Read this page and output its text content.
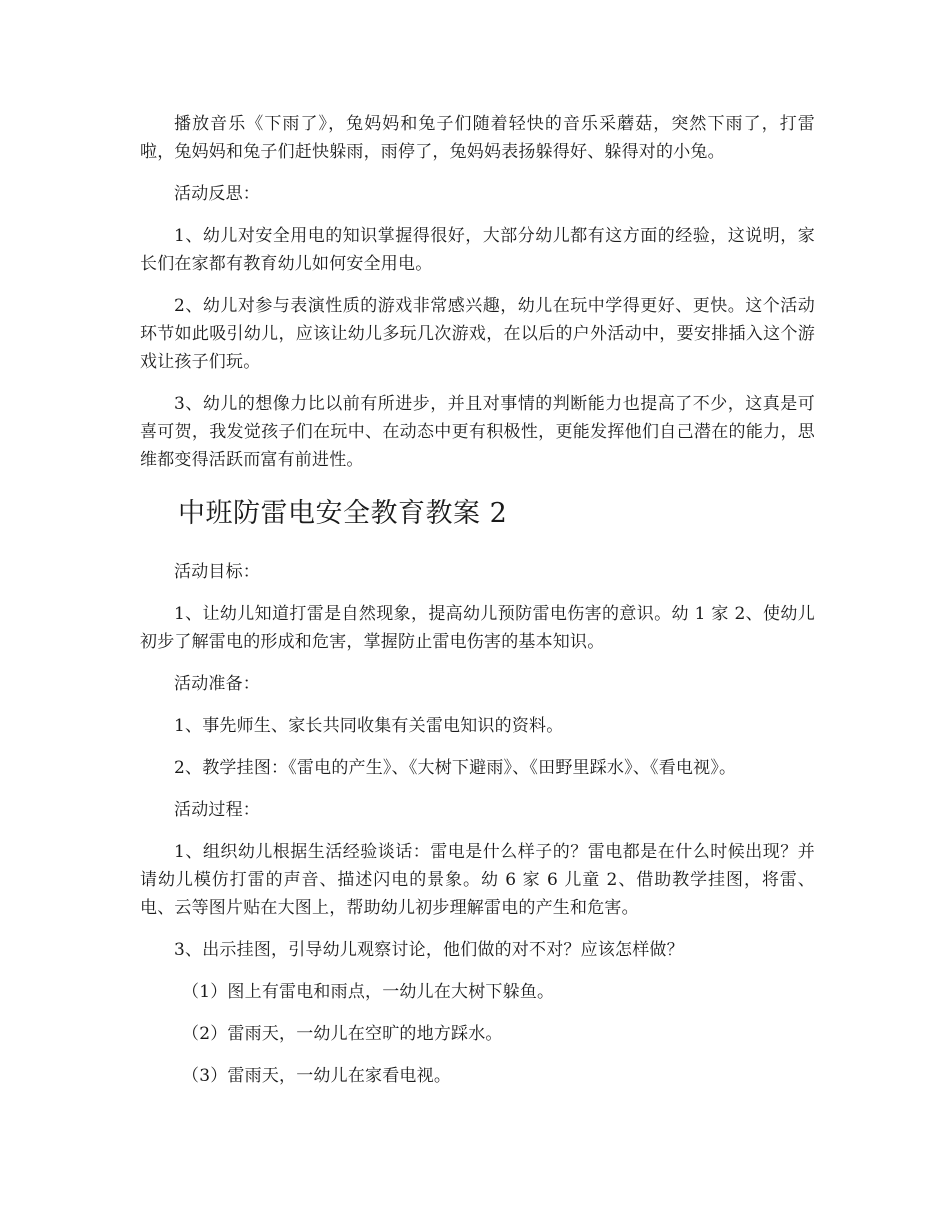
播放音乐《下雨了》，兔妈妈和兔子们随着轻快的音乐采蘑菇，突然下雨了，打雷啦，兔妈妈和兔子们赶快躲雨，雨停了，兔妈妈表扬躲得好、躲得对的小兔。

活动反思：

1、幼儿对安全用电的知识掌握得很好，大部分幼儿都有这方面的经验，这说明，家长们在家都有教育幼儿如何安全用电。

2、幼儿对参与表演性质的游戏非常感兴趣，幼儿在玩中学得更好、更快。这个活动环节如此吸引幼儿，应该让幼儿多玩几次游戏，在以后的户外活动中，要安排插入这个游戏让孩子们玩。

3、幼儿的想像力比以前有所进步，并且对事情的判断能力也提高了不少，这真是可喜可贺，我发觉孩子们在玩中、在动态中更有积极性，更能发挥他们自己潜在的能力，思维都变得活跃而富有前进性。

中班防雷电安全教育教案 2

活动目标：

1、让幼儿知道打雷是自然现象，提高幼儿预防雷电伤害的意识。幼 1 家 2、使幼儿初步了解雷电的形成和危害，掌握防止雷电伤害的基本知识。

活动准备：

1、事先师生、家长共同收集有关雷电知识的资料。

2、教学挂图：《雷电的产生》、《大树下避雨》、《田野里踩水》、《看电视》。

活动过程：

1、组织幼儿根据生活经验谈话：雷电是什么样子的？雷电都是在什么时候出现？并请幼儿模仿打雷的声音、描述闪电的景象。幼 6 家 6 儿童 2、借助教学挂图，将雷、电、云等图片贴在大图上，帮助幼儿初步理解雷电的产生和危害。

3、出示挂图，引导幼儿观察讨论，他们做的对不对？应该怎样做？

（1）图上有雷电和雨点，一幼儿在大树下躲鱼。

（2）雷雨天，一幼儿在空旷的地方踩水。

（3）雷雨天，一幼儿在家看电视。
